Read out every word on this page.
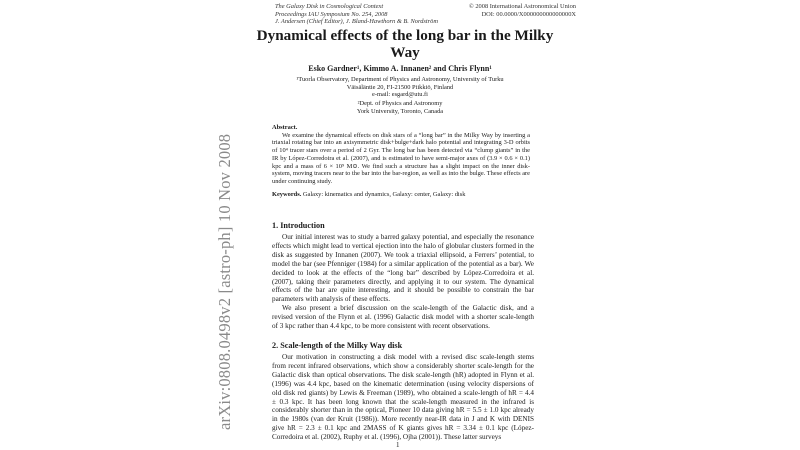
The Galaxy Disk in Cosmological Context
Proceedings IAU Symposium No. 254, 2008
J. Andersen (Chief Editor), J. Bland-Hawthorn & B. Nordström
© 2008 International Astronomical Union
DOI: 00.0000/X000000000000000X
arXiv:0808.0498v2 [astro-ph] 10 Nov 2008
Dynamical effects of the long bar in the Milky Way
Esko Gardner¹, Kimmo A. Innanen² and Chris Flynn¹
¹Tuorla Observatory, Department of Physics and Astronomy, University of Turku
Väisäläntie 20, FI-21500 Piikkiö, Finland
e-mail: esgard@utu.fi
²Dept. of Physics and Astronomy
York University, Toronto, Canada
Abstract.
We examine the dynamical effects on disk stars of a “long bar” in the Milky Way by inserting a triaxial rotating bar into an axisymmetric disk+bulge+dark halo potential and integrating 3-D orbits of 10⁴ tracer stars over a period of 2 Gyr. The long bar has been detected via “clump giants” in the IR by López-Corredoira et al. (2007), and is estimated to have semi-major axes of (3.9 × 0.6 × 0.1) kpc and a mass of 6 × 10⁹ M⊙. We find such a structure has a slight impact on the inner disk-system, moving tracers near to the bar into the bar-region, as well as into the bulge. These effects are under continuing study.
Keywords. Galaxy: kinematics and dynamics, Galaxy: center, Galaxy: disk
1. Introduction

Our initial interest was to study a barred galaxy potential, and especially the resonance effects which might lead to vertical ejection into the halo of globular clusters formed in the disk as suggested by Innanen (2007). We took a triaxial ellipsoid, a Ferrers’ potential, to model the bar (see Pfenniger (1984) for a similar application of the potential as a bar). We decided to look at the effects of the “long bar” described by López-Corredoira et al. (2007), taking their parameters directly, and applying it to our system. The dynamical effects of the bar are quite interesting, and it should be possible to constrain the bar parameters with analysis of these effects.

We also present a brief discussion on the scale-length of the Galactic disk, and a revised version of the Flynn et al. (1996) Galactic disk model with a shorter scale-length of 3 kpc rather than 4.4 kpc, to be more consistent with recent observations.

2. Scale-length of the Milky Way disk

Our motivation in constructing a disk model with a revised disc scale-length stems from recent infrared observations, which show a considerably shorter scale-length for the Galactic disk than optical observations. The disk scale-length (hR) adopted in Flynn et al. (1996) was 4.4 kpc, based on the kinematic determination (using velocity dispersions of old disk red giants) by Lewis & Freeman (1989), who obtained a scale-length of hR = 4.4 ± 0.3 kpc. It has been long known that the scale-length measured in the infrared is considerably shorter than in the optical, Pioneer 10 data giving hR = 5.5 ± 1.0 kpc already in the 1980s (van der Kruit (1986)). More recently near-IR data in J and K with DENIS give hR = 2.3 ± 0.1 kpc and 2MASS of K giants gives hR = 3.34 ± 0.1 kpc (López-Corredoira et al. (2002), Ruphy et al. (1996), Ojha (2001)). These latter surveys

1
